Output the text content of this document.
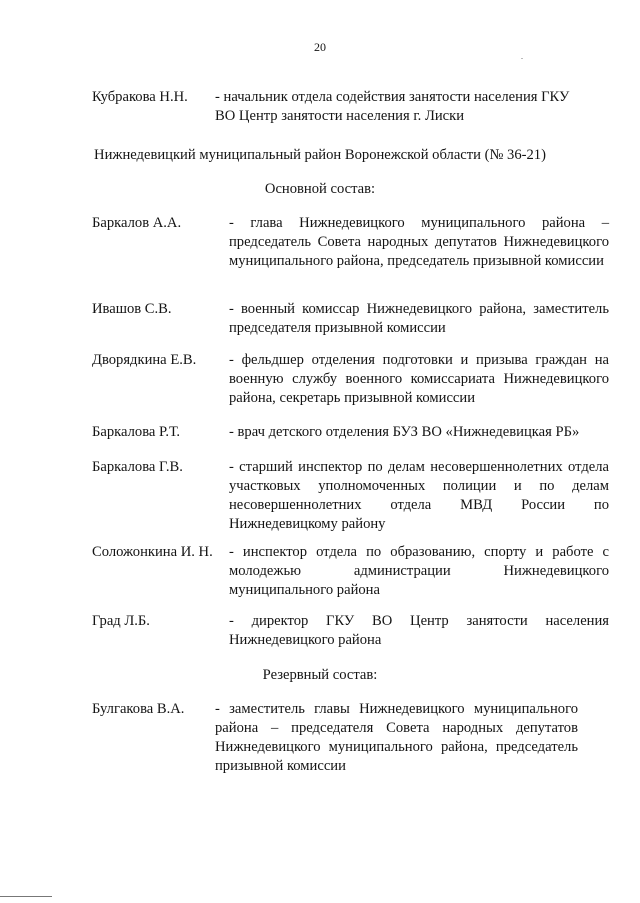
20
Кубракова Н.Н. - начальник отдела содействия занятости населения ГКУ ВО Центр занятости населения г. Лиски
Нижнедевицкий муниципальный район Воронежской области (№ 36-21)
Основной состав:
Баркалов А.А.	- глава Нижнедевицкого муниципального района – председатель Совета народных депутатов Нижнедевицкого муниципального района, председатель призывной комиссии
Ивашов С.В.	- военный комиссар Нижнедевицкого района, заместитель председателя призывной комиссии
Дворядкина Е.В. - фельдшер отделения подготовки и призыва граждан на военную службу военного комиссариата Нижнедевицкого района, секретарь призывной комиссии
Баркалова Р.Т.	- врач детского отделения БУЗ ВО «Нижнедевицкая РБ»
Баркалова Г.В.	- старший инспектор по делам несовершеннолетних отдела участковых уполномоченных полиции и по делам несовершеннолетних отдела МВД России по Нижнедевицкому району
Соложонкина И. Н. - инспектор отдела по образованию, спорту и работе с молодежью администрации Нижнедевицкого муниципального района
Град Л.Б.	- директор ГКУ ВО Центр занятости населения Нижнедевицкого района
Резервный состав:
Булгакова В.А. - заместитель главы Нижнедевицкого муниципального района – председателя Совета народных депутатов Нижнедевицкого муниципального района, председатель призывной комиссии
